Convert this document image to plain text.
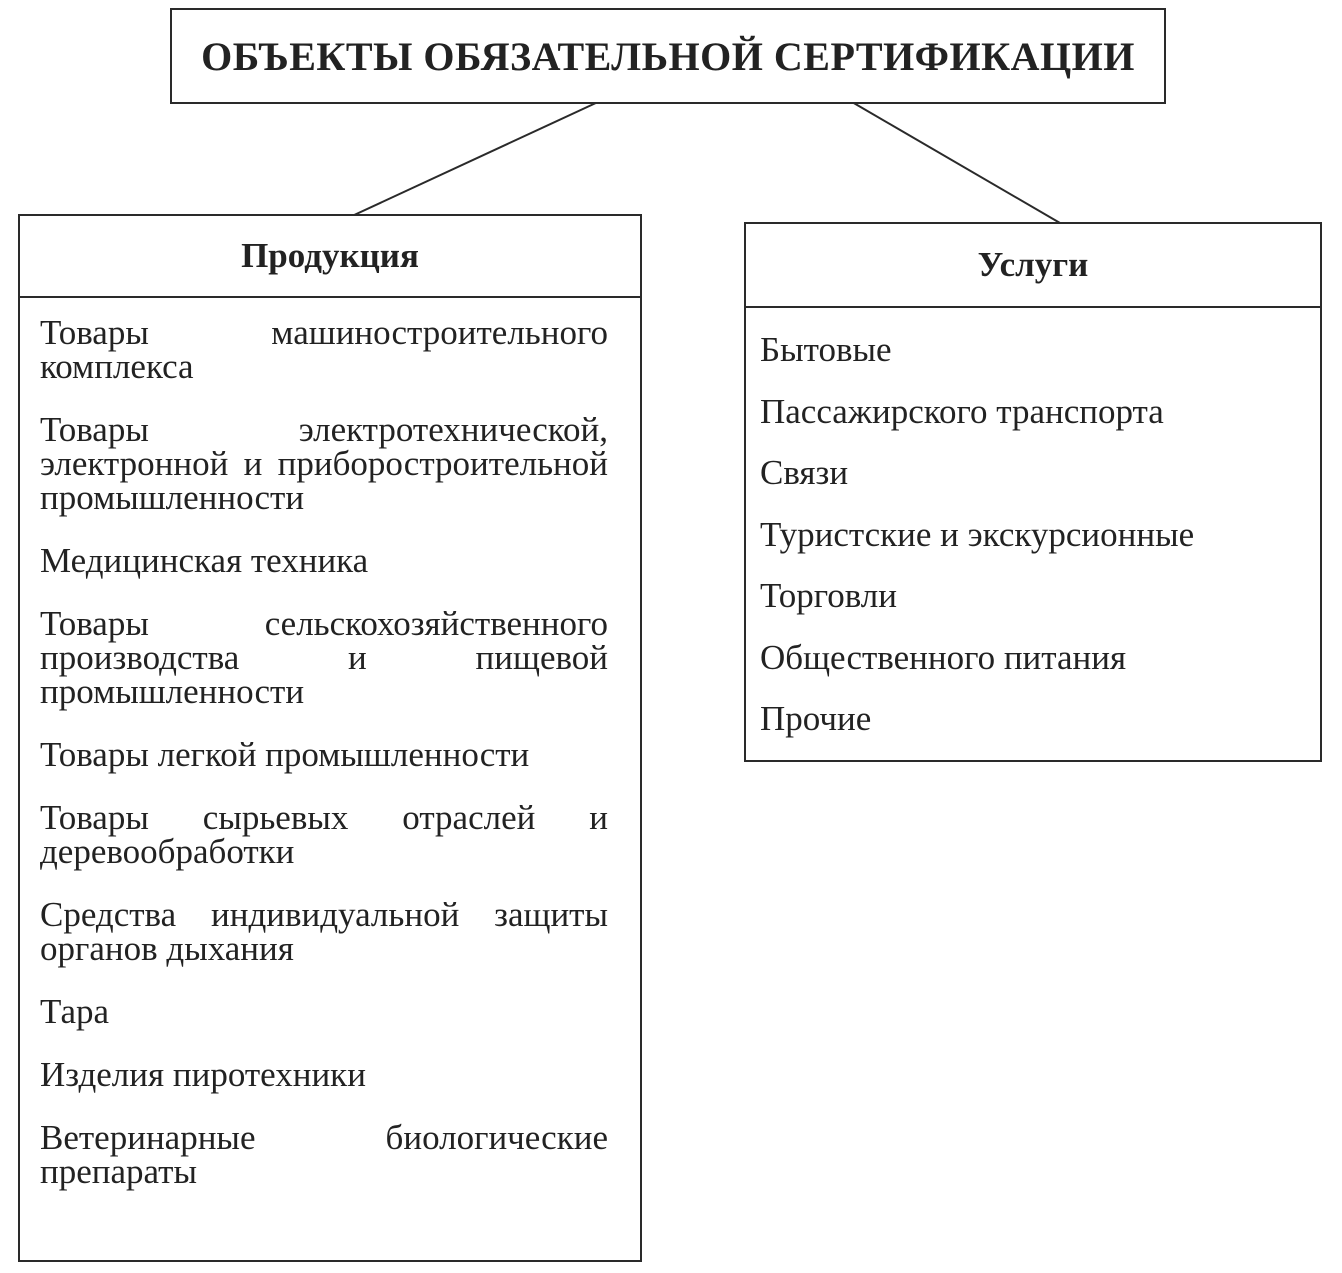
ОБЪЕКТЫ ОБЯЗАТЕЛЬНОЙ СЕРТИФИКАЦИИ
Продукция
Товары машиностроительного комплекса
Товары электротехнической, электронной и приборостроительной промышленности
Медицинская техника
Товары сельскохозяйственного производства и пищевой промышленности
Товары легкой промышленности
Товары сырьевых отраслей и деревообработки
Средства индивидуальной защиты органов дыхания
Тара
Изделия пиротехники
Ветеринарные биологические препараты
Услуги
Бытовые
Пассажирского транспорта
Связи
Туристские и экскурсионные
Торговли
Общественного питания
Прочие
